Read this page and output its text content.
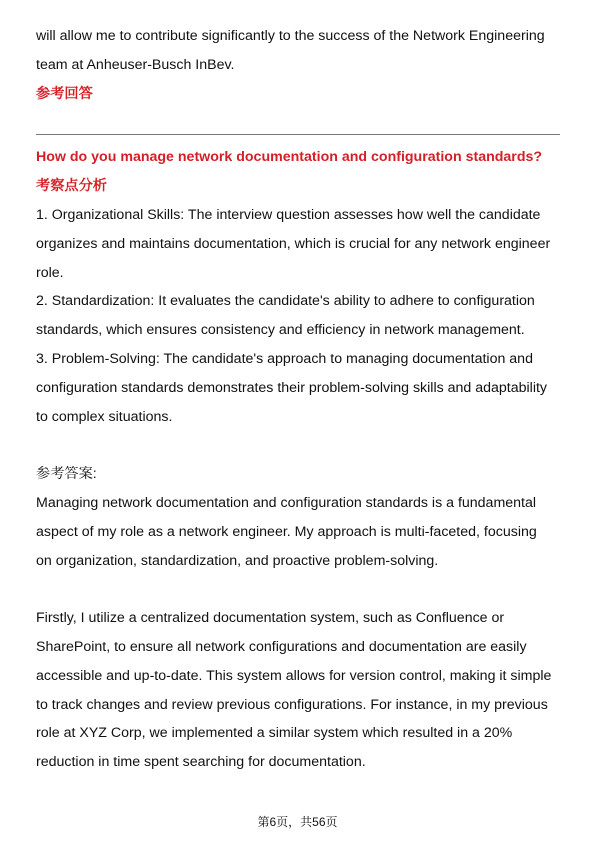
will allow me to contribute significantly to the success of the Network Engineering

team at Anheuser-Busch InBev.

参考回答

How do you manage network documentation and configuration standards?

考察点分析

1. Organizational Skills: The interview question assesses how well the candidate

organizes and maintains documentation, which is crucial for any network engineer

role.

2. Standardization: It evaluates the candidate's ability to adhere to configuration

standards, which ensures consistency and efficiency in network management.

3. Problem-Solving: The candidate's approach to managing documentation and

configuration standards demonstrates their problem-solving skills and adaptability

to complex situations.

参考答案:

Managing network documentation and configuration standards is a fundamental

aspect of my role as a network engineer. My approach is multi-faceted, focusing

on organization, standardization, and proactive problem-solving.

Firstly, I utilize a centralized documentation system, such as Confluence or

SharePoint, to ensure all network configurations and documentation are easily

accessible and up-to-date. This system allows for version control, making it simple

to track changes and review previous configurations. For instance, in my previous

role at XYZ Corp, we implemented a similar system which resulted in a 20%

reduction in time spent searching for documentation.

第6页，共56页
